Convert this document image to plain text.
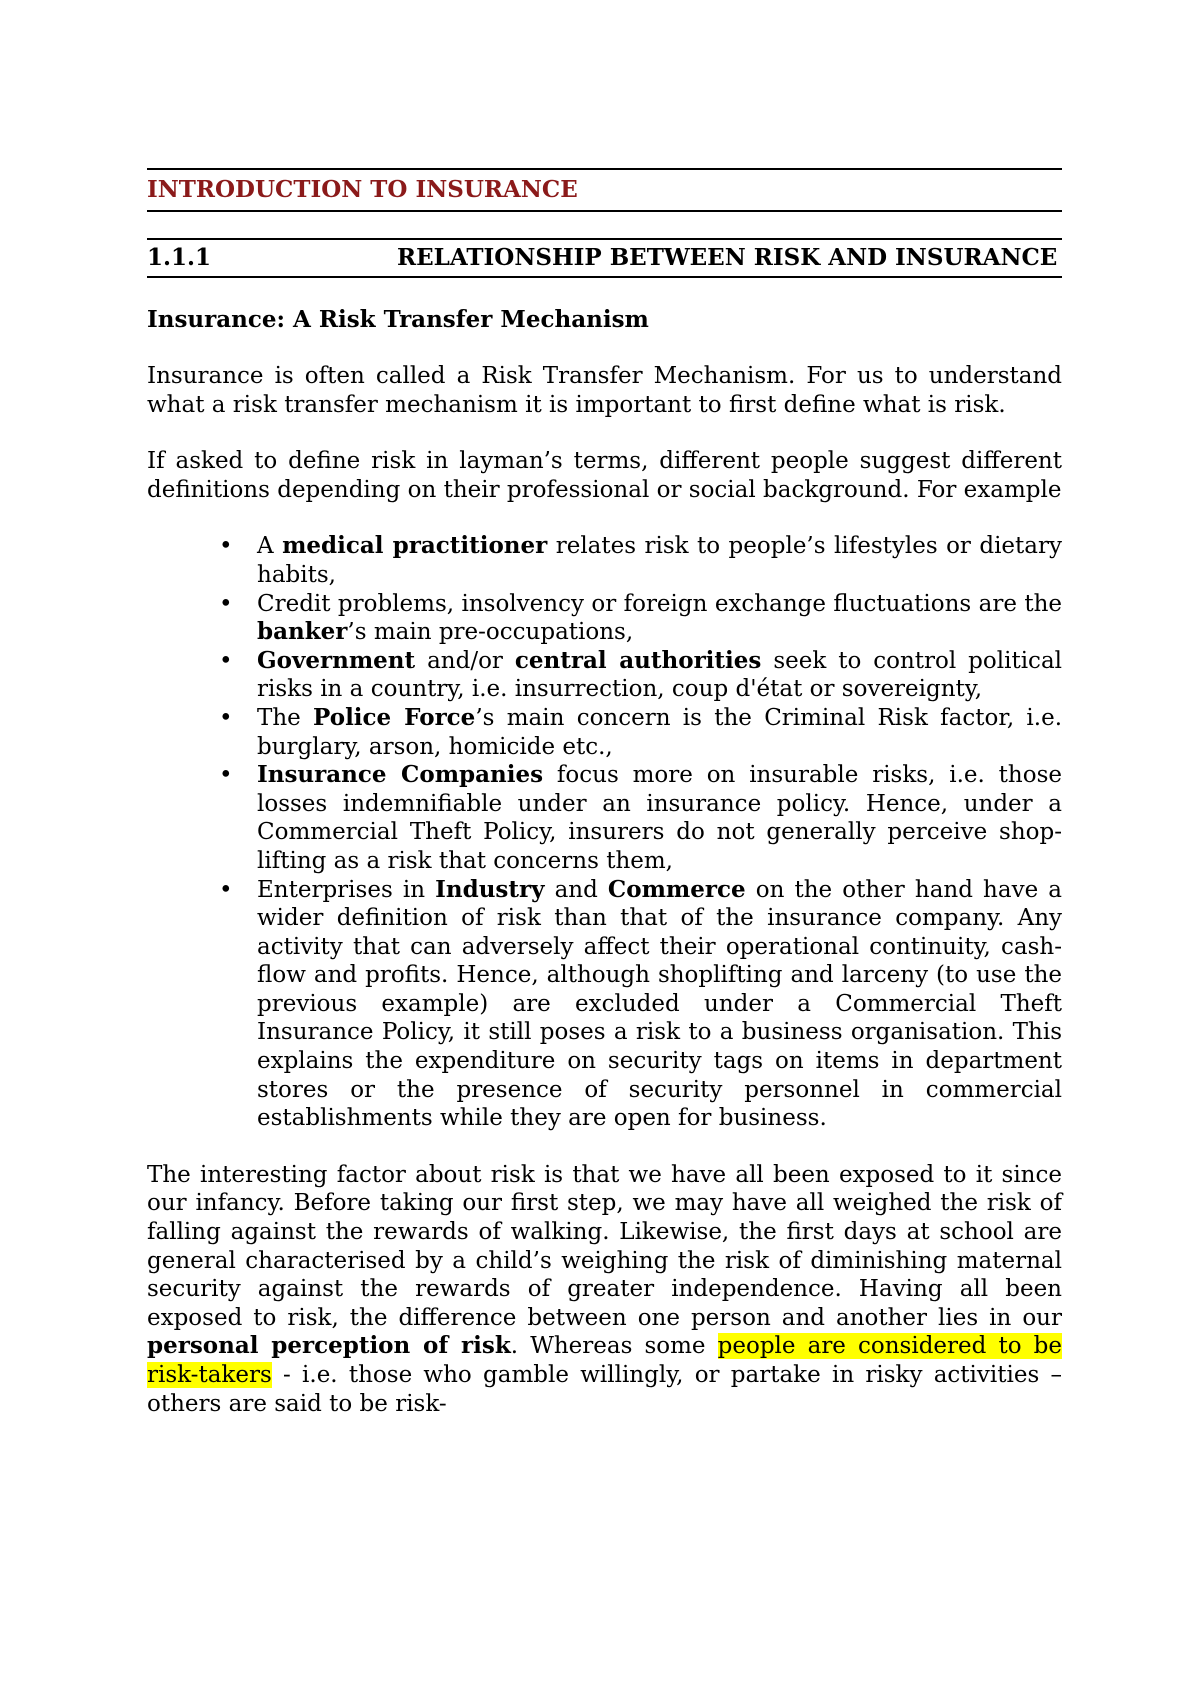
INTRODUCTION TO INSURANCE
1.1.1	RELATIONSHIP BETWEEN RISK AND INSURANCE
Insurance: A Risk Transfer Mechanism

Insurance is often called a Risk Transfer Mechanism. For us to understand what a risk transfer mechanism it is important to first define what is risk.

If asked to define risk in layman’s terms, different people suggest different definitions depending on their professional or social background. For example

• A medical practitioner relates risk to people’s lifestyles or dietary habits,
• Credit problems, insolvency or foreign exchange fluctuations are the banker’s main pre-occupations,
• Government and/or central authorities seek to control political risks in a country, i.e. insurrection, coup d'état or sovereignty,
• The Police Force’s main concern is the Criminal Risk factor, i.e. burglary, arson, homicide etc.,
• Insurance Companies focus more on insurable risks, i.e. those losses indemnifiable under an insurance policy. Hence, under a Commercial Theft Policy, insurers do not generally perceive shop-lifting as a risk that concerns them,
• Enterprises in Industry and Commerce on the other hand have a wider definition of risk than that of the insurance company. Any activity that can adversely affect their operational continuity, cash-flow and profits. Hence, although shoplifting and larceny (to use the previous example) are excluded under a Commercial Theft Insurance Policy, it still poses a risk to a business organisation. This explains the expenditure on security tags on items in department stores or the presence of security personnel in commercial establishments while they are open for business.

The interesting factor about risk is that we have all been exposed to it since our infancy. Before taking our first step, we may have all weighed the risk of falling against the rewards of walking. Likewise, the first days at school are general characterised by a child’s weighing the risk of diminishing maternal security against the rewards of greater independence. Having all been exposed to risk, the difference between one person and another lies in our personal perception of risk. Whereas some people are considered to be risk-takers - i.e. those who gamble willingly, or partake in risky activities – others are said to be risk-
